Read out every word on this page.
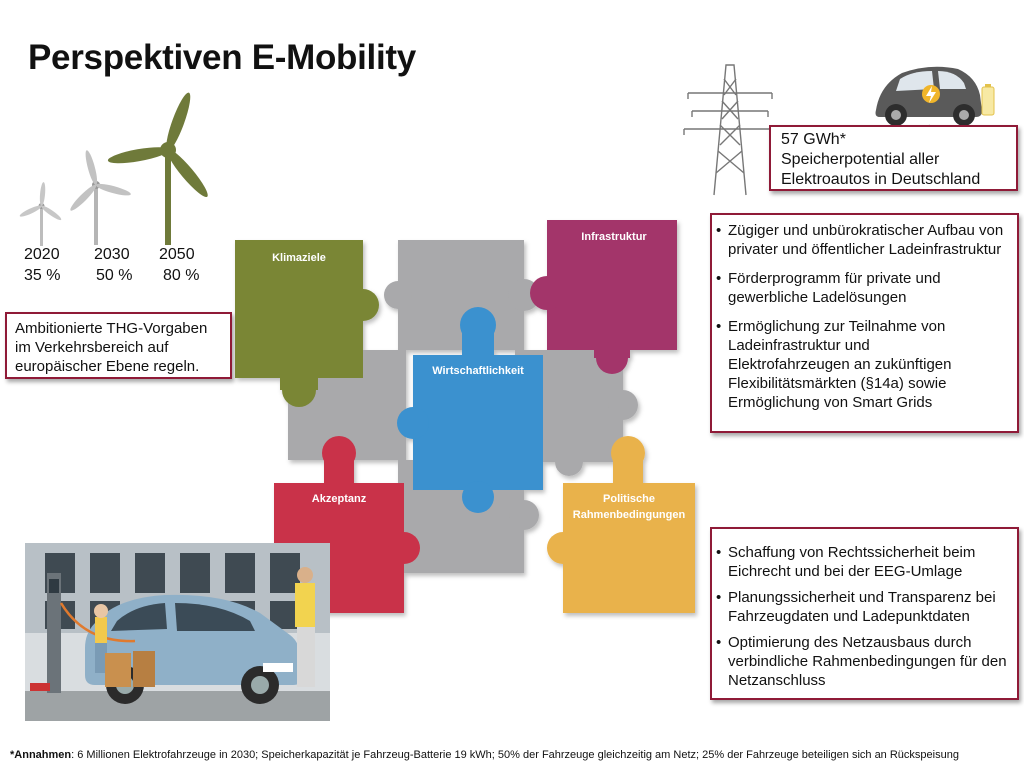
Perspektiven E-Mobility
2020 2030 2050
35 % 50 % 80 %
Ambitionierte THG-Vorgaben
im Verkehrsbereich auf
europäischer Ebene regeln.
57 GWh*
Speicherpotential aller
Elektroautos in Deutschland
• Zügiger und unbürokratischer Aufbau von
privater und öffentlicher Ladeinfrastruktur
• Förderprogramm für private und
gewerbliche Ladelösungen
• Ermöglichung zur Teilnahme von
Ladeinfrastruktur und
Elektrofahrzeugen an zukünftigen
Flexibilitätsmärkten (§14a) sowie
Ermöglichung von Smart Grids
• Schaffung von Rechtssicherheit beim
Eichrecht und bei der EEG-Umlage
• Planungssicherheit und Transparenz bei
Fahrzeugdaten und Ladepunktdaten
• Optimierung des Netzausbaus durch
verbindliche Rahmenbedingungen für den
Netzanschluss
Klimaziele
Infrastruktur
Wirtschaftlichkeit
Akzeptanz	Politische
Rahmenbedingungen
*Annahmen: 6 Millionen Elektrofahrzeuge in 2030; Speicherkapazität je Fahrzeug-Batterie 19 kWh; 50% der Fahrzeuge gleichzeitig am Netz; 25% der Fahrzeuge beteiligen sich an Rückspeisung
